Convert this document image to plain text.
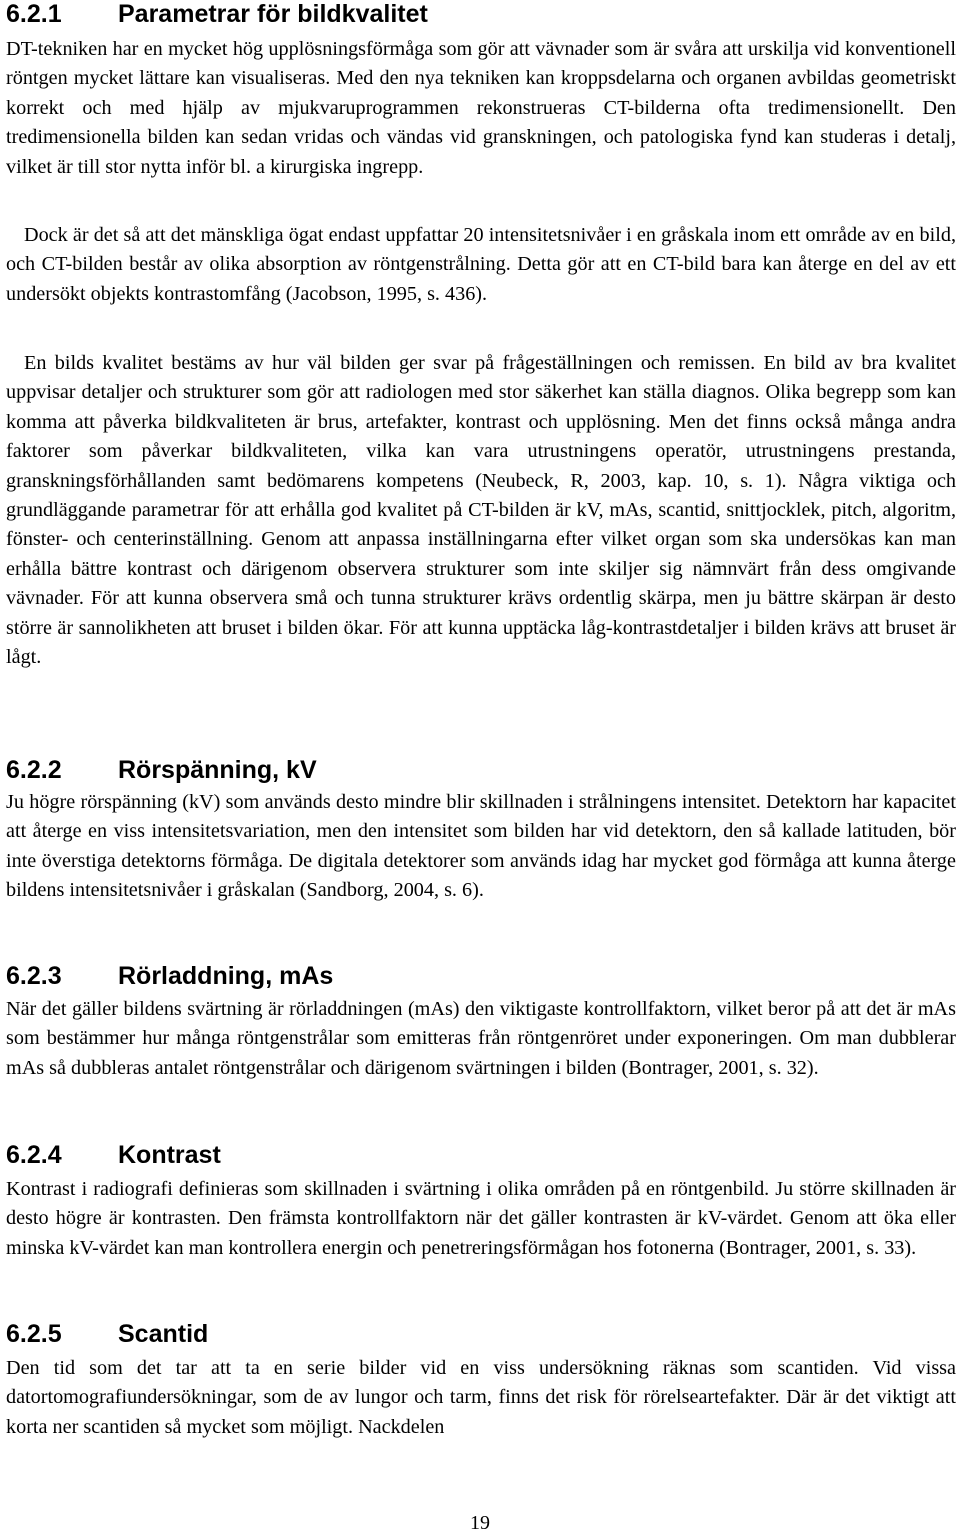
6.2.1	Parametrar för bildkvalitet

DT-tekniken har en mycket hög upplösningsförmåga som gör att vävnader som är svåra att urskilja vid konventionell röntgen mycket lättare kan visualiseras. Med den nya tekniken kan kroppsdelarna och organen avbildas geometriskt korrekt och med hjälp av mjukvaruprogrammen rekonstrueras CT-bilderna ofta tredimensionellt. Den tredimensionella bilden kan sedan vridas och vändas vid granskningen, och patologiska fynd kan studeras i detalj, vilket är till stor nytta inför bl. a kirurgiska ingrepp.

Dock är det så att det mänskliga ögat endast uppfattar 20 intensitetsnivåer i en gråskala inom ett område av en bild, och CT-bilden består av olika absorption av röntgenstrålning. Detta gör att en CT-bild bara kan återge en del av ett undersökt objekts kontrastomfång (Jacobson, 1995, s. 436).

En bilds kvalitet bestäms av hur väl bilden ger svar på frågeställningen och remissen. En bild av bra kvalitet uppvisar detaljer och strukturer som gör att radiologen med stor säkerhet kan ställa diagnos. Olika begrepp som kan komma att påverka bildkvaliteten är brus, artefakter, kontrast och upplösning. Men det finns också många andra faktorer som påverkar bildkvaliteten, vilka kan vara utrustningens operatör, utrustningens prestanda, granskningsförhållanden samt bedömarens kompetens (Neubeck, R, 2003, kap. 10, s. 1). Några viktiga och grundläggande parametrar för att erhålla god kvalitet på CT-bilden är kV, mAs, scantid, snittjocklek, pitch, algoritm, fönster- och centerinställning. Genom att anpassa inställningarna efter vilket organ som ska undersökas kan man erhålla bättre kontrast och därigenom observera strukturer som inte skiljer sig nämnvärt från dess omgivande vävnader. För att kunna observera små och tunna strukturer krävs ordentlig skärpa, men ju bättre skärpan är desto större är sannolikheten att bruset i bilden ökar. För att kunna upptäcka låg-kontrastdetaljer i bilden krävs att bruset är lågt.

6.2.2	Rörspänning, kV

Ju högre rörspänning (kV) som används desto mindre blir skillnaden i strålningens intensitet. Detektorn har kapacitet att återge en viss intensitetsvariation, men den intensitet som bilden har vid detektorn, den så kallade latituden, bör inte överstiga detektorns förmåga. De digitala detektorer som används idag har mycket god förmåga att kunna återge bildens intensitetsnivåer i gråskalan (Sandborg, 2004, s. 6).

6.2.3	Rörladdning, mAs

När det gäller bildens svärtning är rörladdningen (mAs) den viktigaste kontrollfaktorn, vilket beror på att det är mAs som bestämmer hur många röntgenstrålar som emitteras från röntgenröret under exponeringen. Om man dubblerar mAs så dubbleras antalet röntgenstrålar och därigenom svärtningen i bilden (Bontrager, 2001, s. 32).

6.2.4	Kontrast

Kontrast i radiografi definieras som skillnaden i svärtning i olika områden på en röntgenbild. Ju större skillnaden är desto högre är kontrasten. Den främsta kontrollfaktorn när det gäller kontrasten är kV-värdet. Genom att öka eller minska kV-värdet kan man kontrollera energin och penetreringsförmågan hos fotonerna (Bontrager, 2001, s. 33).

6.2.5	Scantid

Den tid som det tar att ta en serie bilder vid en viss undersökning räknas som scantiden. Vid vissa datortomografiundersökningar, som de av lungor och tarm, finns det risk för rörelseartefakter. Där är det viktigt att korta ner scantiden så mycket som möjligt. Nackdelen

19
